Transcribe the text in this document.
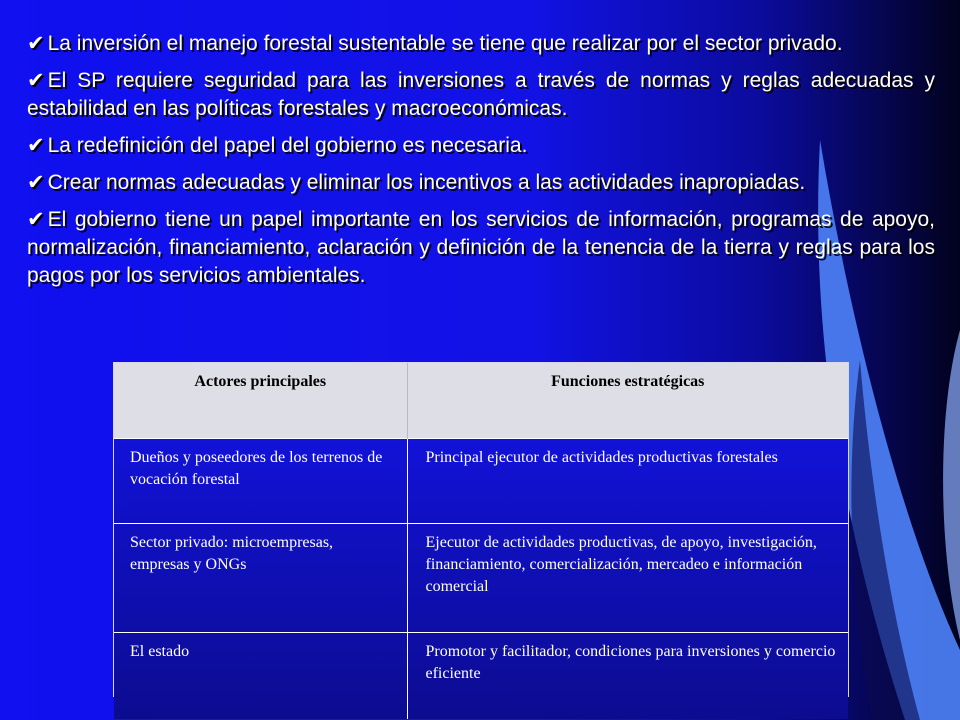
✔ La inversión el manejo forestal sustentable se tiene que realizar por el sector privado.
✔ El SP requiere seguridad para las inversiones a través de normas y reglas adecuadas y estabilidad en las políticas forestales y macroeconómicas.
✔ La redefinición del papel del gobierno es necesaria.
✔ Crear normas adecuadas y eliminar los incentivos a las actividades inapropiadas.
✔ El gobierno tiene un papel importante en los servicios de información, programas de apoyo, normalización, financiamiento, aclaración y definición de la tenencia de la tierra y reglas para los pagos por los servicios ambientales.
Actores principales	Funciones estratégicas
Dueños y poseedores de los terrenos de vocación forestal	Principal ejecutor de actividades productivas forestales
Sector privado: microempresas, empresas y ONGs	Ejecutor de actividades productivas, de apoyo, investigación, financiamiento, comercialización, mercadeo e información comercial
El estado	Promotor y facilitador, condiciones para inversiones y comercio eficiente
